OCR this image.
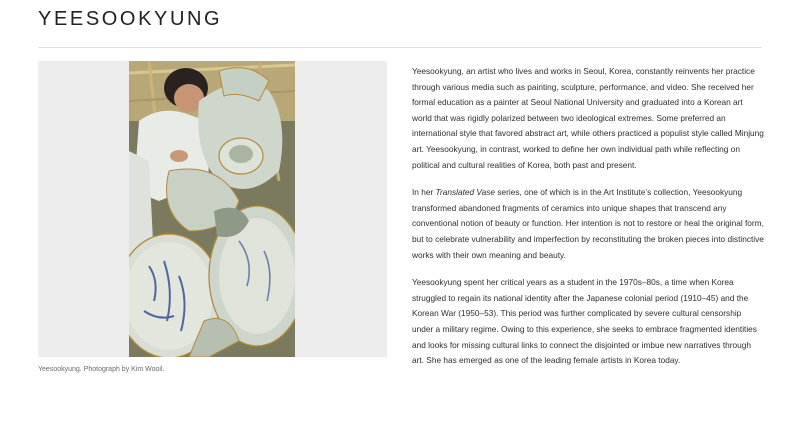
YEESOOKYUNG

Yeesookyung. Photograph by Kim Wooil.

Yeesookyung, an artist who lives and works in Seoul, Korea, constantly reinvents her practice through various media such as painting, sculpture, performance, and video. She received her formal education as a painter at Seoul National University and graduated into a Korean art world that was rigidly polarized between two ideological extremes. Some preferred an international style that favored abstract art, while others practiced a populist style called Minjung art. Yeesookyung, in contrast, worked to define her own individual path while reflecting on political and cultural realities of Korea, both past and present.

In her Translated Vase series, one of which is in the Art Institute’s collection, Yeesookyung transformed abandoned fragments of ceramics into unique shapes that transcend any conventional notion of beauty or function. Her intention is not to restore or heal the original form, but to celebrate vulnerability and imperfection by reconstituting the broken pieces into distinctive works with their own meaning and beauty.

Yeesookyung spent her critical years as a student in the 1970s–80s, a time when Korea struggled to regain its national identity after the Japanese colonial period (1910–45) and the Korean War (1950–53). This period was further complicated by severe cultural censorship under a military regime. Owing to this experience, she seeks to embrace fragmented identities and looks for missing cultural links to connect the disjointed or imbue new narratives through art. She has emerged as one of the leading female artists in Korea today.
